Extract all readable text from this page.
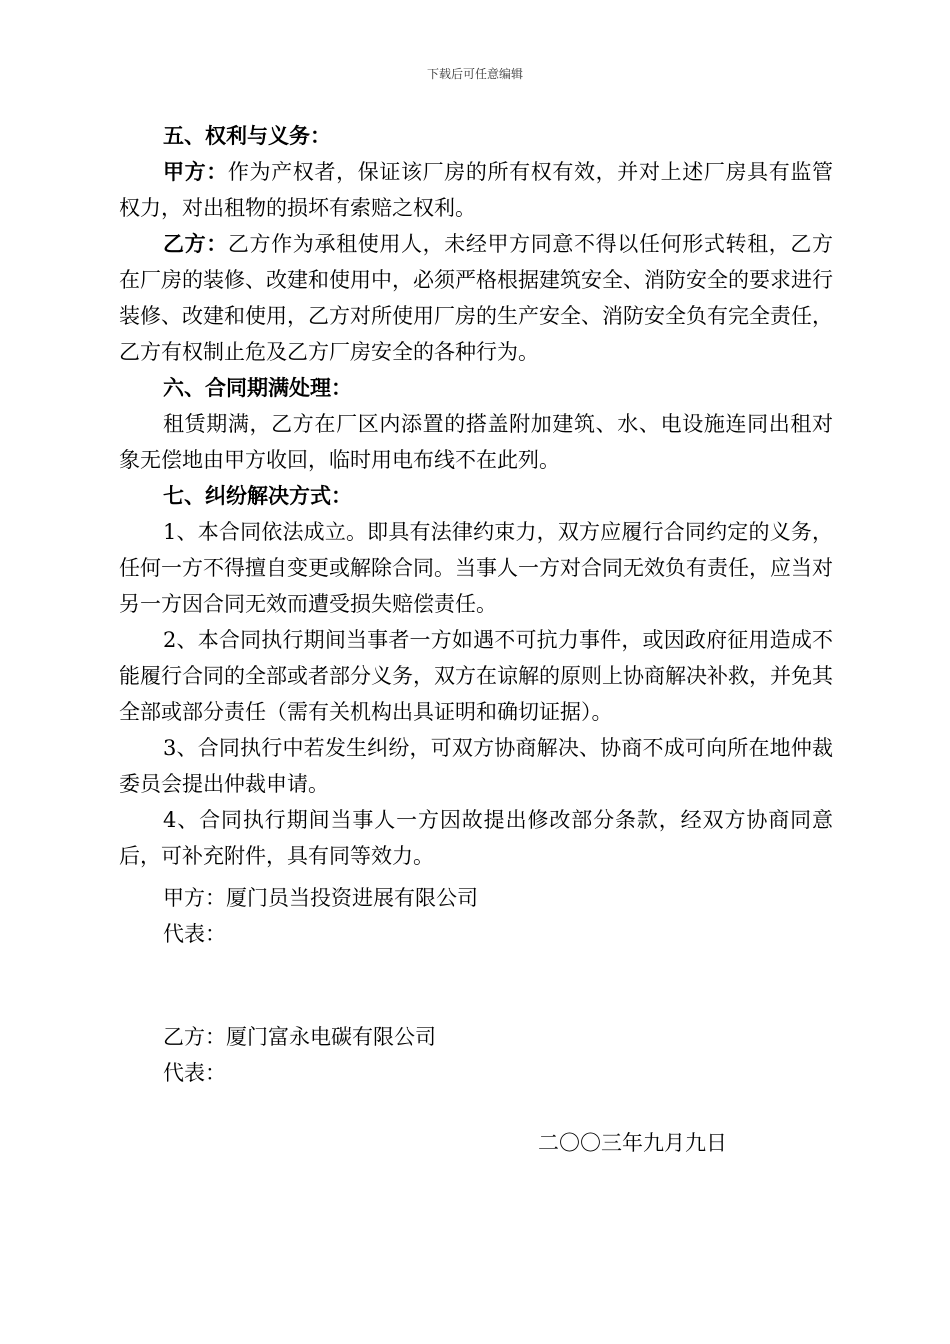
下载后可任意编辑

五、权利与义务：

甲方：作为产权者，保证该厂房的所有权有效，并对上述厂房具有监管权力，对出租物的损坏有索赔之权利。

乙方：乙方作为承租使用人，未经甲方同意不得以任何形式转租，乙方在厂房的装修、改建和使用中，必须严格根据建筑安全、消防安全的要求进行装修、改建和使用，乙方对所使用厂房的生产安全、消防安全负有完全责任，乙方有权制止危及乙方厂房安全的各种行为。

六、合同期满处理：

租赁期满，乙方在厂区内添置的搭盖附加建筑、水、电设施连同出租对象无偿地由甲方收回，临时用电布线不在此列。

七、纠纷解决方式：

1、本合同依法成立。即具有法律约束力，双方应履行合同约定的义务，任何一方不得擅自变更或解除合同。当事人一方对合同无效负有责任，应当对另一方因合同无效而遭受损失赔偿责任。

2、本合同执行期间当事者一方如遇不可抗力事件，或因政府征用造成不能履行合同的全部或者部分义务，双方在谅解的原则上协商解决补救，并免其全部或部分责任（需有关机构出具证明和确切证据）。

3、合同执行中若发生纠纷，可双方协商解决、协商不成可向所在地仲裁委员会提出仲裁申请。

4、合同执行期间当事人一方因故提出修改部分条款，经双方协商同意后，可补充附件，具有同等效力。

甲方：厦门员当投资进展有限公司

代表：

乙方：厦门富永电碳有限公司

代表：

二〇〇三年九月九日
